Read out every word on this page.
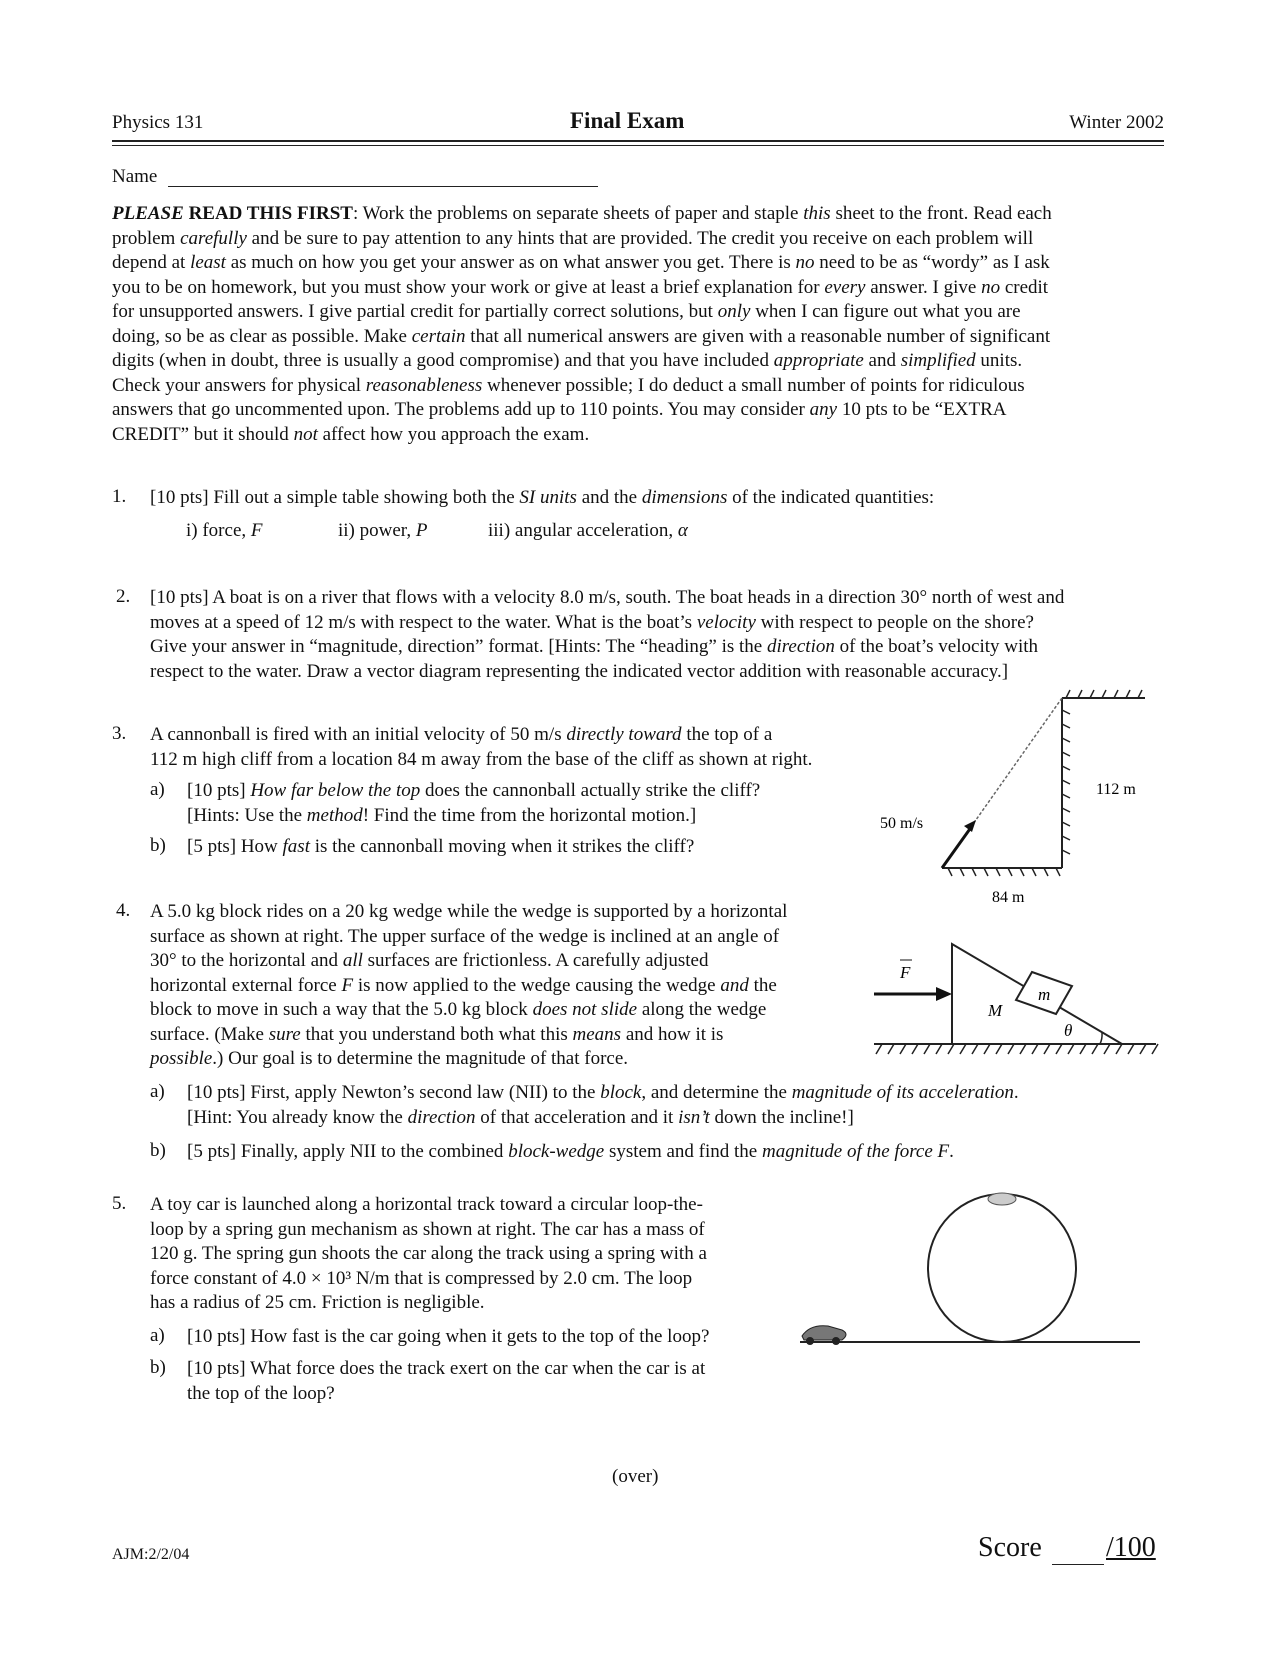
Physics 131	Final Exam	Winter 2002
Name
PLEASE READ THIS FIRST: Work the problems on separate sheets of paper and staple this sheet to the front. Read each
problem carefully and be sure to pay attention to any hints that are provided. The credit you receive on each problem will
depend at least as much on how you get your answer as on what answer you get. There is no need to be as “wordy” as I ask
you to be on homework, but you must show your work or give at least a brief explanation for every answer. I give no credit
for unsupported answers. I give partial credit for partially correct solutions, but only when I can figure out what you are
doing, so be as clear as possible. Make certain that all numerical answers are given with a reasonable number of significant
digits (when in doubt, three is usually a good compromise) and that you have included appropriate and simplified units.
Check your answers for physical reasonableness whenever possible; I do deduct a small number of points for ridiculous
answers that go uncommented upon. The problems add up to 110 points. You may consider any 10 pts to be “EXTRA
CREDIT” but it should not affect how you approach the exam.
1. [10 pts] Fill out a simple table showing both the SI units and the dimensions of the indicated quantities:
i) force, F	ii) power, P	iii) angular acceleration, α
2. [10 pts] A boat is on a river that flows with a velocity 8.0 m/s, south. The boat heads in a direction 30° north of west and
moves at a speed of 12 m/s with respect to the water. What is the boat’s velocity with respect to people on the shore?
Give your answer in “magnitude, direction” format. [Hints: The “heading” is the direction of the boat’s velocity with
respect to the water. Draw a vector diagram representing the indicated vector addition with reasonable accuracy.]
3. A cannonball is fired with an initial velocity of 50 m/s directly toward the top of a
112 m high cliff from a location 84 m away from the base of the cliff as shown at right.
a) [10 pts] How far below the top does the cannonball actually strike the cliff?
[Hints: Use the method! Find the time from the horizontal motion.]
b) [5 pts] How fast is the cannonball moving when it strikes the cliff?
50 m/s
112 m
84 m
4. A 5.0 kg block rides on a 20 kg wedge while the wedge is supported by a horizontal
surface as shown at right. The upper surface of the wedge is inclined at an angle of
30° to the horizontal and all surfaces are frictionless. A carefully adjusted
horizontal external force F is now applied to the wedge causing the wedge and the
block to move in such a way that the 5.0 kg block does not slide along the wedge
surface. (Make sure that you understand both what this means and how it is
possible.) Our goal is to determine the magnitude of that force.
a) [10 pts] First, apply Newton’s second law (NII) to the block, and determine the magnitude of its acceleration.
[Hint: You already know the direction of that acceleration and it isn’t down the incline!]
b) [5 pts] Finally, apply NII to the combined block-wedge system and find the magnitude of the force F.
m
M
θ
F
5. A toy car is launched along a horizontal track toward a circular loop-the-
loop by a spring gun mechanism as shown at right. The car has a mass of
120 g. The spring gun shoots the car along the track using a spring with a
force constant of 4.0 × 10³ N/m that is compressed by 2.0 cm. The loop
has a radius of 25 cm. Friction is negligible.
a) [10 pts] How fast is the car going when it gets to the top of the loop?
b) [10 pts] What force does the track exert on the car when the car is at
the top of the loop?
(over)
AJM:2/2/04	Score /100
